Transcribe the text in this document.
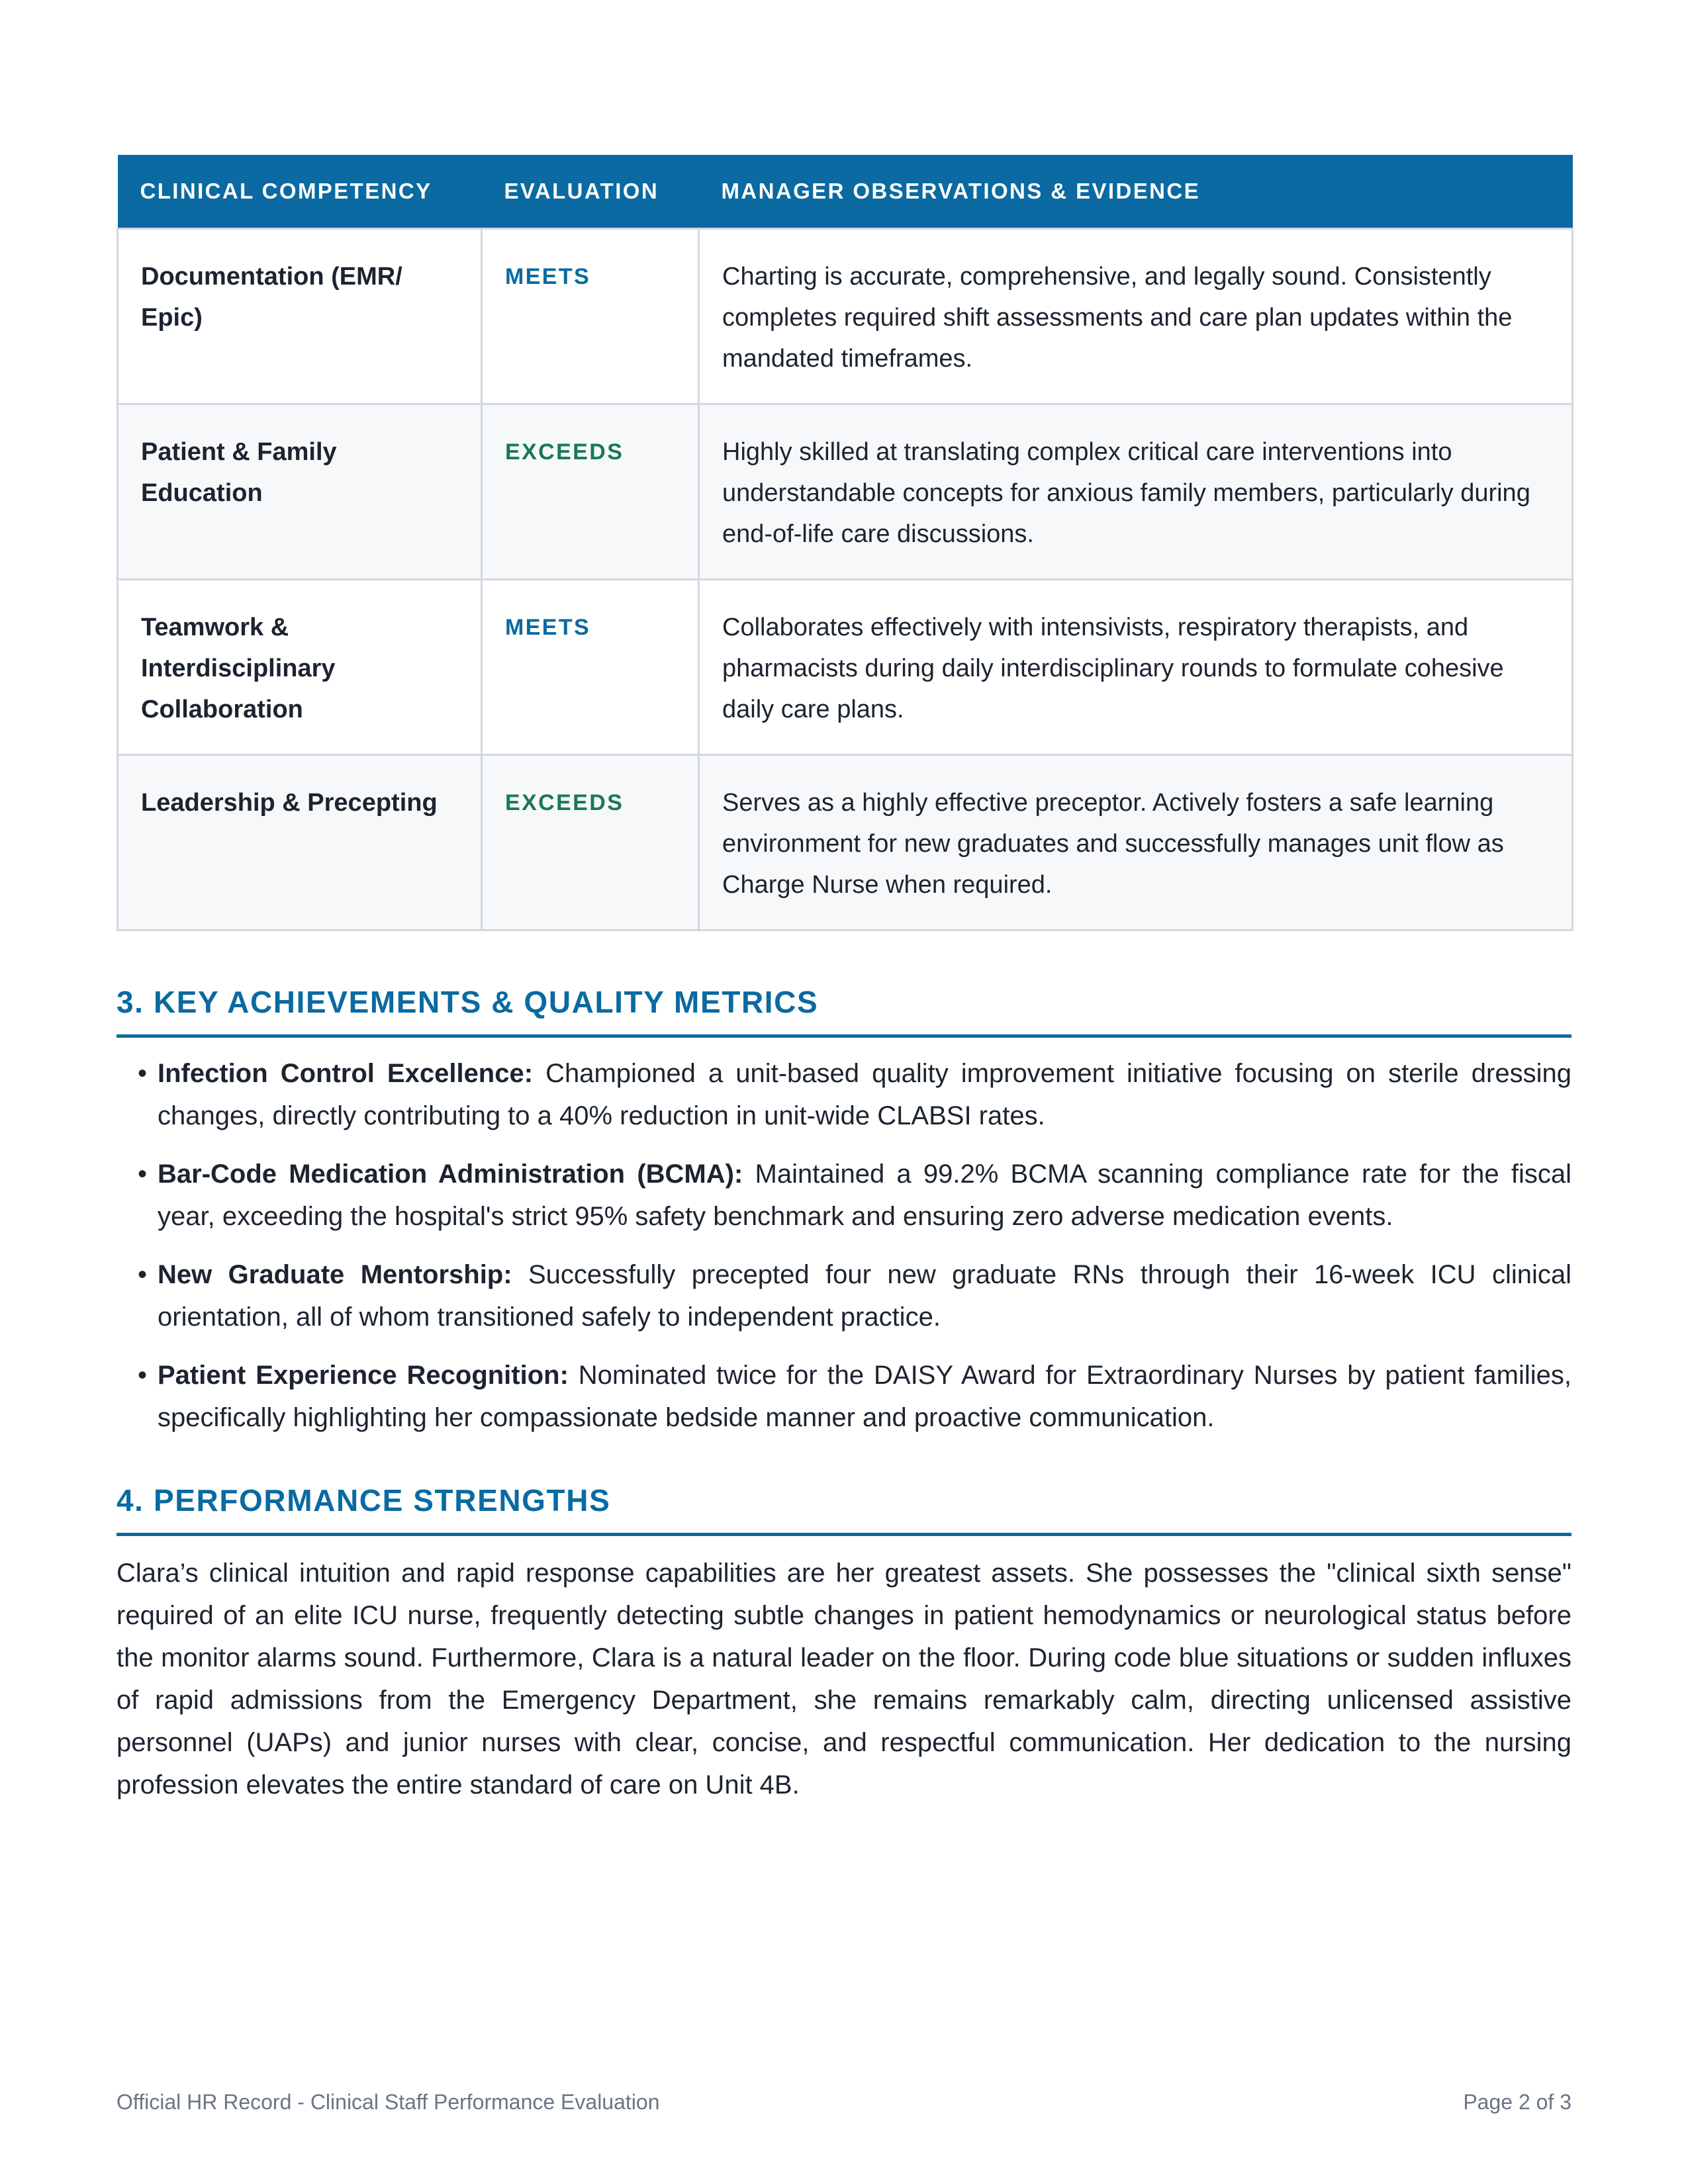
CLINICAL COMPETENCY	EVALUATION	MANAGER OBSERVATIONS & EVIDENCE
Documentation (EMR/ Epic)	MEETS	Charting is accurate, comprehensive, and legally sound. Consistently completes required shift assessments and care plan updates within the mandated timeframes.
Patient & Family Education	EXCEEDS	Highly skilled at translating complex critical care interventions into understandable concepts for anxious family members, particularly during end-of-life care discussions.
Teamwork & Interdisciplinary Collaboration	MEETS	Collaborates effectively with intensivists, respiratory therapists, and pharmacists during daily interdisciplinary rounds to formulate cohesive daily care plans.
Leadership & Precepting	EXCEEDS	Serves as a highly effective preceptor. Actively fosters a safe learning environment for new graduates and successfully manages unit flow as Charge Nurse when required.
3. KEY ACHIEVEMENTS & QUALITY METRICS
• Infection Control Excellence: Championed a unit-based quality improvement initiative focusing on sterile dressing changes, directly contributing to a 40% reduction in unit-wide CLABSI rates.
• Bar-Code Medication Administration (BCMA): Maintained a 99.2% BCMA scanning compliance rate for the fiscal year, exceeding the hospital's strict 95% safety benchmark and ensuring zero adverse medication events.
• New Graduate Mentorship: Successfully precepted four new graduate RNs through their 16-week ICU clinical orientation, all of whom transitioned safely to independent practice.
• Patient Experience Recognition: Nominated twice for the DAISY Award for Extraordinary Nurses by patient families, specifically highlighting her compassionate bedside manner and proactive communication.
4. PERFORMANCE STRENGTHS

Clara’s clinical intuition and rapid response capabilities are her greatest assets. She possesses the "clinical sixth sense" required of an elite ICU nurse, frequently detecting subtle changes in patient hemodynamics or neurological status before the monitor alarms sound. Furthermore, Clara is a natural leader on the floor. During code blue situations or sudden influxes of rapid admissions from the Emergency Department, she remains remarkably calm, directing unlicensed assistive personnel (UAPs) and junior nurses with clear, concise, and respectful communication. Her dedication to the nursing profession elevates the entire standard of care on Unit 4B.

Official HR Record - Clinical Staff Performance Evaluation	Page 2 of 3
